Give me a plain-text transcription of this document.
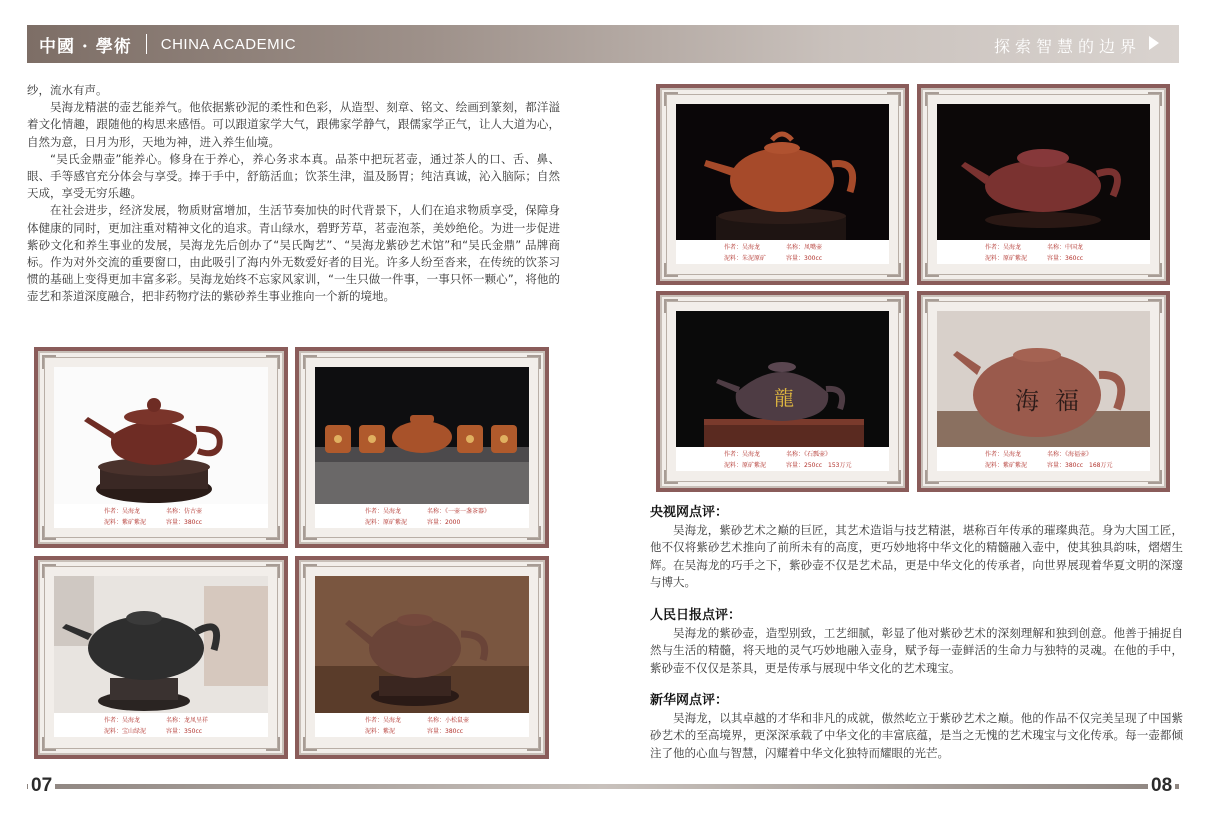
中國 · 學術 CHINA ACADEMIC	探索智慧的边界

纱，流水有声。

吴海龙精湛的壶艺能养气。他依据紫砂泥的柔性和色彩，从造型、刻章、铭文、绘画到篆刻，都洋溢着文化情趣，跟随他的构思来感悟。可以跟道家学大气，跟佛家学静气，跟儒家学正气，让人大道为心，自然为意，日月为形，天地为神，进入养生仙境。

“吴氏金鼎壶”能养心。修身在于养心，养心务求本真。品茶中把玩茗壶，通过茶人的口、舌、鼻、眼、手等感官充分体会与享受。捧于手中，舒筋活血；饮茶生津，温及肠胃；纯洁真诚，沁入脑际；自然天成，享受无穷乐趣。

在社会进步，经济发展，物质财富增加，生活节奏加快的时代背景下，人们在追求物质享受，保障身体健康的同时，更加注重对精神文化的追求。青山绿水，碧野芳草，茗壶泡茶，美妙绝伦。为进一步促进紫砂文化和养生事业的发展，吴海龙先后创办了“吴氏陶艺”、“吴海龙紫砂艺术馆”和“吴氏金鼎” 品牌商标。作为对外交流的重要窗口，由此吸引了海内外无数爱好者的目光。许多人纷至沓来，在传统的饮茶习惯的基础上变得更加丰富多彩。吴海龙始终不忘家风家训，“一生只做一件事，一事只怀一颗心”，将他的壶艺和茶道深度融合，把非药物疗法的紫砂养生事业推向一个新的境地。

作者：吴海龙	名称：仿古壶
泥料：紫矿紫泥	容量：380cc
作者：吴海龙	名称：《一壶一盏茶器》
泥料：原矿紫泥	容量：2000
作者：吴海龙	名称：龙凤呈祥
泥料：宝山绿泥	容量：350cc
作者：吴海龙	名称：小松鼠壶
泥料：紫泥	容量：380cc
作者：吴海龙	名称：凤嘴壶
泥料：朱泥原矿	容量：300cc
作者：吴海龙	名称：中国龙
泥料：原矿紫泥	容量：360cc
龍
作者：吴海龙	名称：《石瓢壶》
泥料：原矿紫泥	容量：250cc 153万元
海 福
作者：吴海龙	名称：《海福壶》
泥料：紫矿紫泥	容量：380cc 168万元
央视网点评：

吴海龙，紫砂艺术之巅的巨匠，其艺术造诣与技艺精湛，堪称百年传承的璀璨典范。身为大国工匠，他不仅将紫砂艺术推向了前所未有的高度，更巧妙地将中华文化的精髓融入壶中，使其独具韵味，熠熠生辉。在吴海龙的巧手之下，紫砂壶不仅是艺术品，更是中华文化的传承者，向世界展现着华夏文明的深邃与博大。

人民日报点评：

吴海龙的紫砂壶，造型别致，工艺细腻，彰显了他对紫砂艺术的深刻理解和独到创意。他善于捕捉自然与生活的精髓，将天地的灵气巧妙地融入壶身，赋予每一壶鲜活的生命力与独特的灵魂。在他的手中，紫砂壶不仅仅是茶具，更是传承与展现中华文化的艺术瑰宝。

新华网点评：

吴海龙，以其卓越的才华和非凡的成就，傲然屹立于紫砂艺术之巅。他的作品不仅完美呈现了中国紫砂艺术的至高境界，更深深承载了中华文化的丰富底蕴，是当之无愧的艺术瑰宝与文化传承。每一壶都倾注了他的心血与智慧，闪耀着中华文化独特而耀眼的光芒。

07	08
